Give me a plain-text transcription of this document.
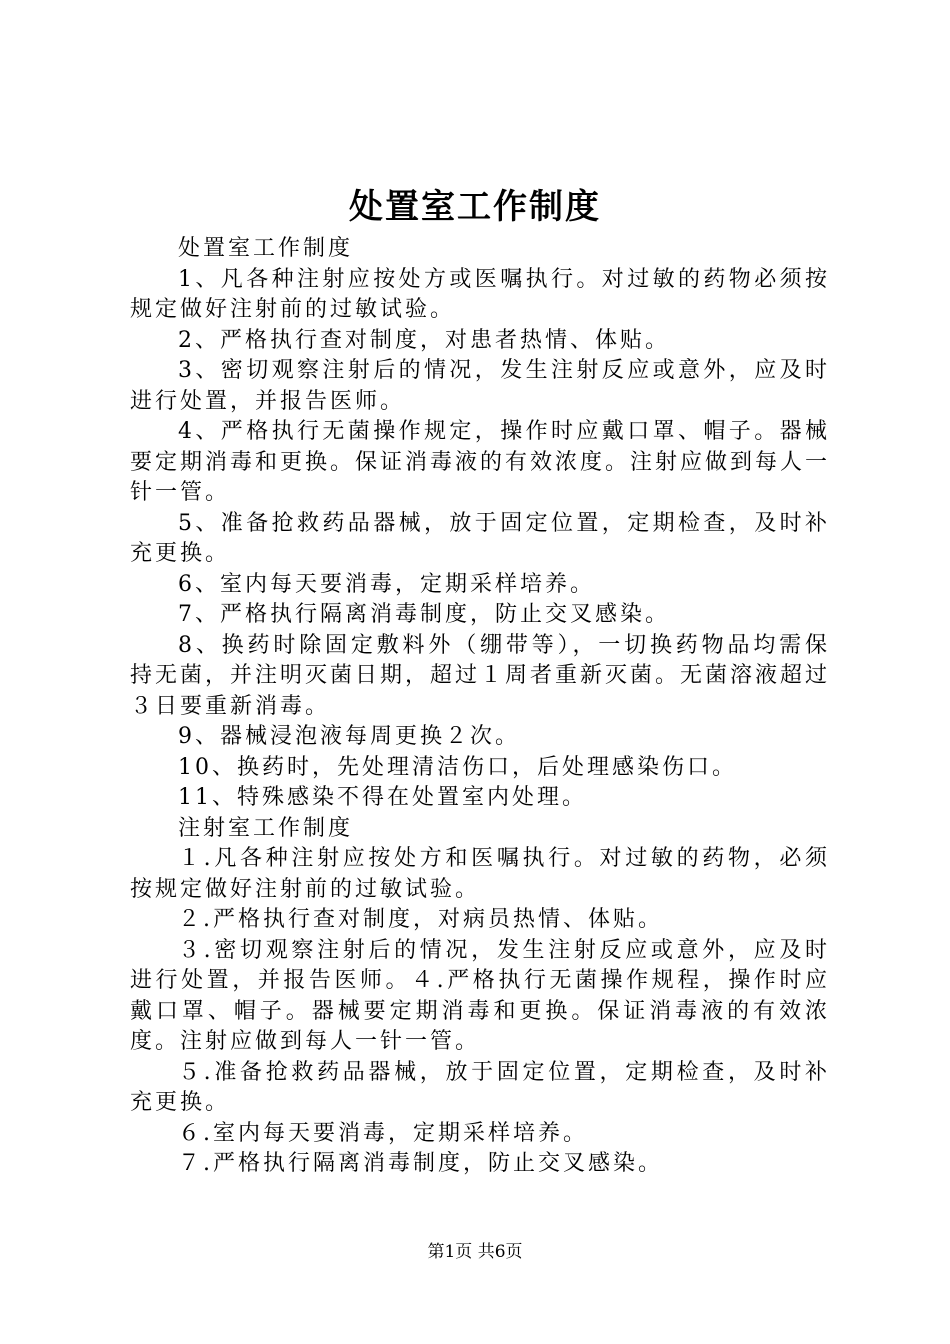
处置室工作制度

处置室工作制度

1、凡各种注射应按处方或医嘱执行。对过敏的药物必须按规定做好注射前的过敏试验。

2、严格执行查对制度，对患者热情、体贴。

3、密切观察注射后的情况，发生注射反应或意外，应及时进行处置，并报告医师。

4、严格执行无菌操作规定，操作时应戴口罩、帽子。器械要定期消毒和更换。保证消毒液的有效浓度。注射应做到每人一针一管。

5、准备抢救药品器械，放于固定位置，定期检查，及时补充更换。

6、室内每天要消毒，定期采样培养。

7、严格执行隔离消毒制度，防止交叉感染。

8、换药时除固定敷料外（绷带等），一切换药物品均需保持无菌，并注明灭菌日期，超过１周者重新灭菌。无菌溶液超过３日要重新消毒。

9、器械浸泡液每周更换２次。

10、换药时，先处理清洁伤口，后处理感染伤口。

11、特殊感染不得在处置室内处理。

注射室工作制度

１.凡各种注射应按处方和医嘱执行。对过敏的药物，必须按规定做好注射前的过敏试验。

２.严格执行查对制度，对病员热情、体贴。

３.密切观察注射后的情况，发生注射反应或意外，应及时进行处置，并报告医师。４.严格执行无菌操作规程，操作时应戴口罩、帽子。器械要定期消毒和更换。保证消毒液的有效浓度。注射应做到每人一针一管。

５.准备抢救药品器械，放于固定位置，定期检查，及时补充更换。

６.室内每天要消毒，定期采样培养。

７.严格执行隔离消毒制度，防止交叉感染。

第1页 共6页
